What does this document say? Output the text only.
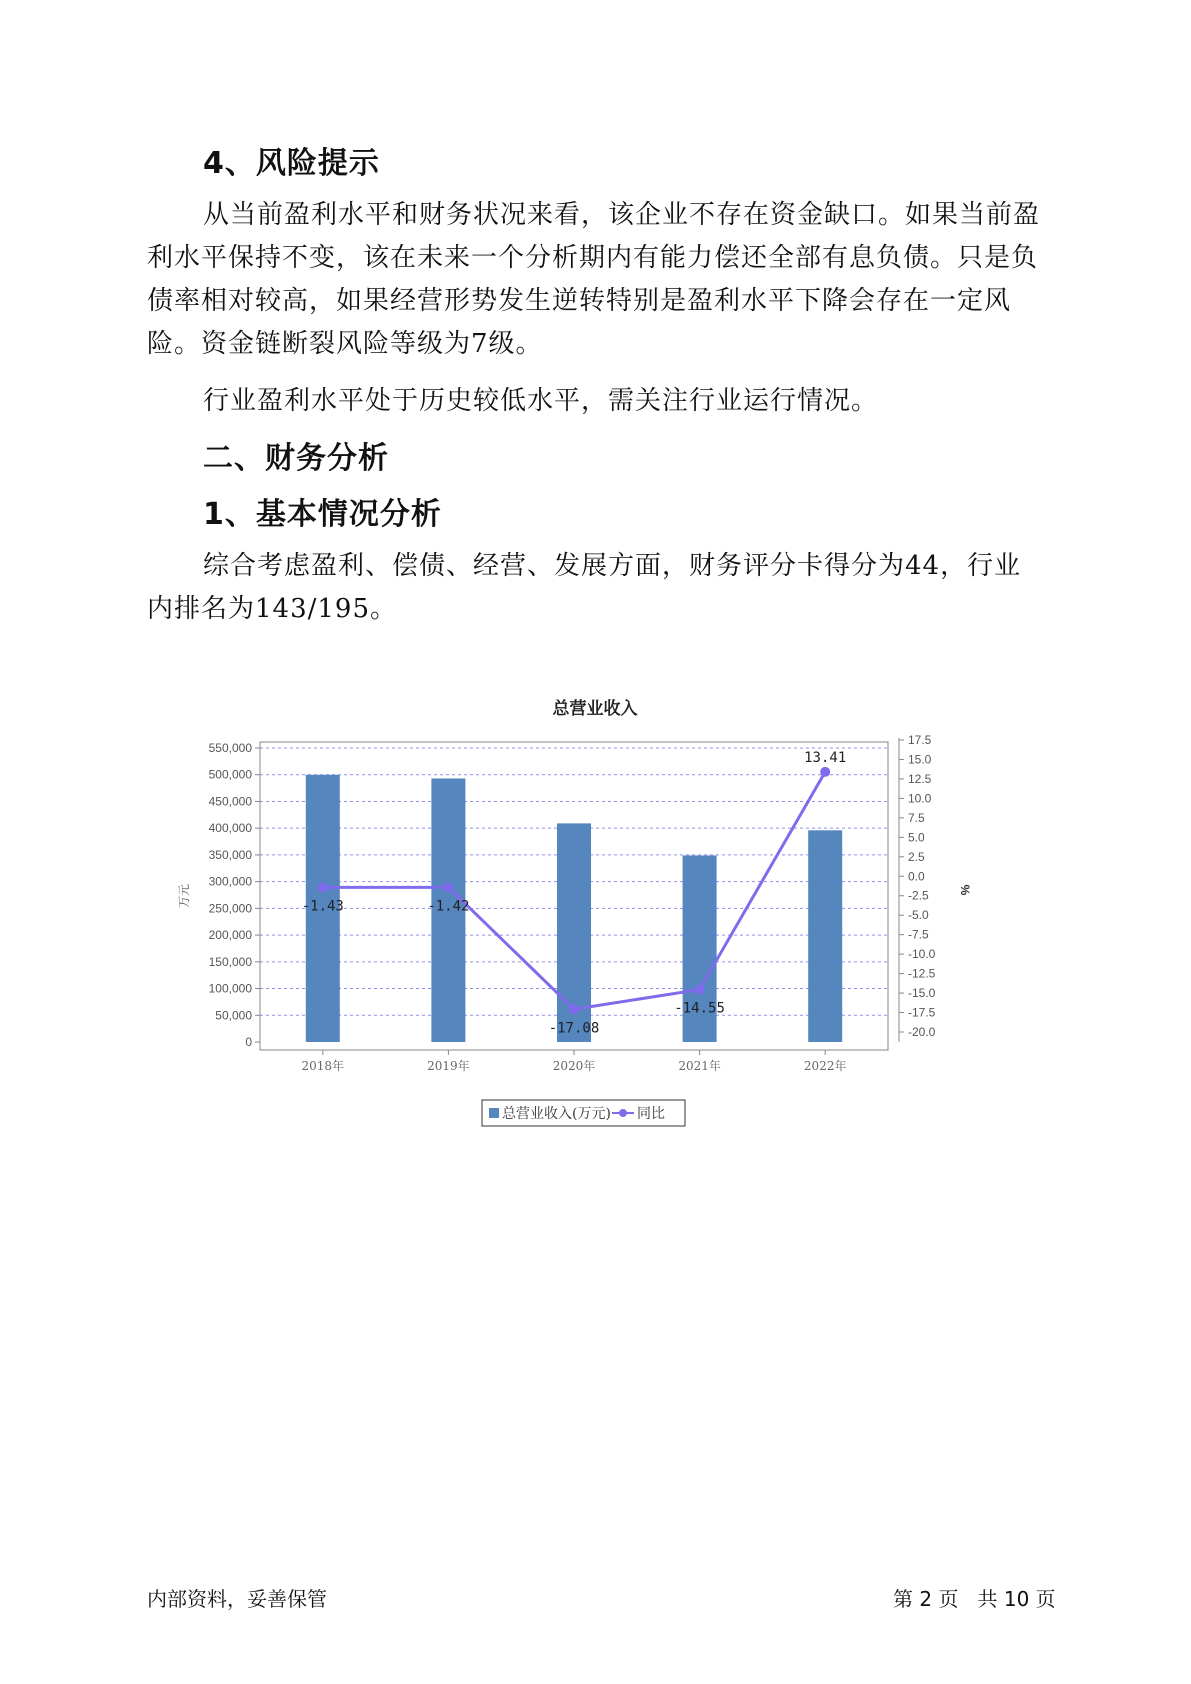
4、风险提示

从当前盈利水平和财务状况来看，该企业不存在资金缺口。如果当前盈利水平保持不变，该在未来一个分析期内有能力偿还全部有息负债。只是负债率相对较高，如果经营形势发生逆转特别是盈利水平下降会存在一定风险。资金链断裂风险等级为7级。

行业盈利水平处于历史较低水平，需关注行业运行情况。

二、财务分析
1、基本情况分析

综合考虑盈利、偿债、经营、发展方面，财务评分卡得分为44，行业内排名为143/195。

总营业收入
0
50,000
100,000
150,000
200,000
250,000
300,000
350,000
400,000
450,000
500,000
550,000
17.5
15.0
12.5
10.0
7.5
5.0
2.5
0.0
-2.5
-5.0
-7.5
-10.0
-12.5
-15.0
-17.5
-20.0
2018年	2019年	2020年	2021年	2022年
-1.43	-1.42
-17.08
-14.55
13.41
万元	%
总营业收入(万元) 同比
内部资料，妥善保管	第 2 页   共 10 页
